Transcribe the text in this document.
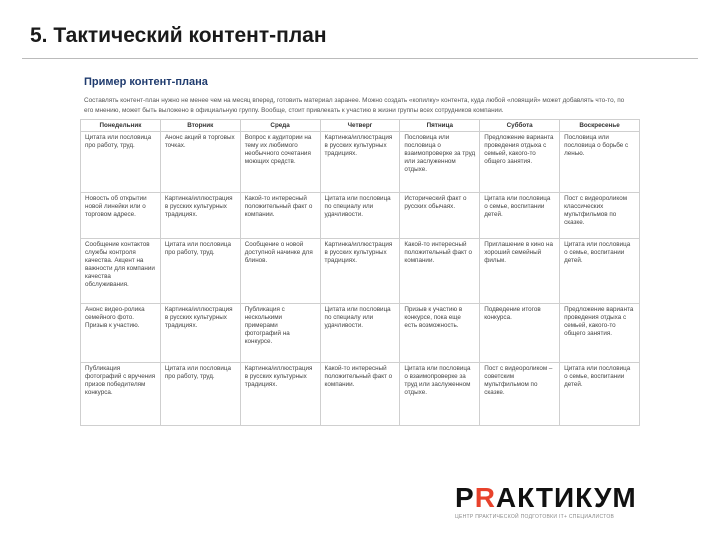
5. Тактический контент-план
Пример контент-плана
Составлять контент-план нужно не менее чем на месяц вперед, готовить материал заранее. Можно создать «копилку» контента, куда любой «ловящий» может добавлять что-то, по его мнению, может быть выложено в официальную группу. Вообще, стоит привлекать к участию в жизни группы всех сотрудников компании.
Понедельник	Вторник	Среда	Четверг	Пятница	Суббота	Воскресенье
Цитата или пословица про работу, труд.	Анонс акций в торговых точках.	Вопрос к аудитории на тему их любимого необычного сочетания моющих средств.	Картинка/иллюстрация в русских культурных традициях.	Пословица или пословица о взаимопроверке за труд или заслуженном отдыхе.	Предложение варианта проведения отдыха с семьей, какого-то общего занятия.	Пословица или пословица о борьбе с ленью.
Новость об открытии новой линейки или о торговом адресе.	Картинка/иллюстрация в русских культурных традициях.	Какой-то интересный положительный факт о компании.	Цитата или пословица по специалу или удачливости.	Исторический факт о русских обычаях.	Цитата или пословица о семье, воспитании детей.	Пост с видеороликом классических мультфильмов по сказке.
Сообщение контактов службы контроля качества. Акцент на важности для компании качества обслуживания.	Цитата или пословица про работу, труд.	Сообщение о новой доступной начинке для блинов.	Картинка/иллюстрация в русских культурных традициях.	Какой-то интересный положительный факт о компании.	Приглашение в кино на хороший семейный фильм.	Цитата или пословица о семье, воспитании детей.
Анонс видео-ролика семейного фото. Призыв к участию.	Картинка/иллюстрация в русских культурных традициях.	Публикация с несколькими примерами фотографий на конкурсе.	Цитата или пословица по специалу или удачливости.	Призыв к участию в конкурсе, пока еще есть возможность.	Подведение итогов конкурса.	Предложение варианта проведения отдыха с семьей, какого-то общего занятия.
Публикация фотографий с вручения призов победителям конкурса.	Цитата или пословица про работу, труд.	Картинка/иллюстрация в русских культурных традициях.	Какой-то интересный положительный факт о компании.	Цитата или пословица о взаимопроверке за труд или заслуженном отдыхе.	Пост с видеороликом – советским мультфильмом по сказке.	Цитата или пословица о семье, воспитании детей.
PRАКТИКУМ
ЦЕНТР ПРАКТИЧЕСКОЙ ПОДГОТОВКИ IT+ СПЕЦИАЛИСТОВ
